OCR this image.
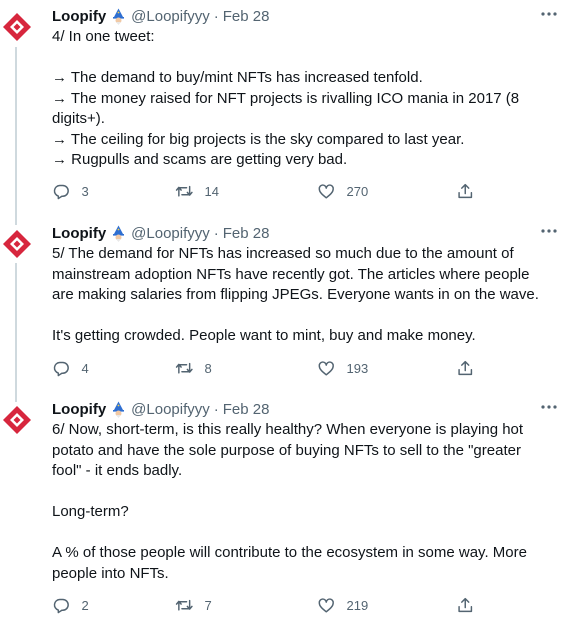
Loopify @Loopifyyy · Feb 28

4/ In one tweet:

→ The demand to buy/mint NFTs has increased tenfold.
→ The money raised for NFT projects is rivalling ICO mania in 2017 (8 digits+).
→ The ceiling for big projects is the sky compared to last year.
→ Rugpulls and scams are getting very bad.

3	14	270
Loopify @Loopifyyy · Feb 28

5/ The demand for NFTs has increased so much due to the amount of mainstream adoption NFTs have recently got. The articles where people are making salaries from flipping JPEGs. Everyone wants in on the wave.

It's getting crowded. People want to mint, buy and make money.

4	8	193
Loopify @Loopifyyy · Feb 28

6/ Now, short-term, is this really healthy? When everyone is playing hot potato and have the sole purpose of buying NFTs to sell to the "greater fool" - it ends badly.

Long-term?

A % of those people will contribute to the ecosystem in some way. More people into NFTs.

2	7	219
